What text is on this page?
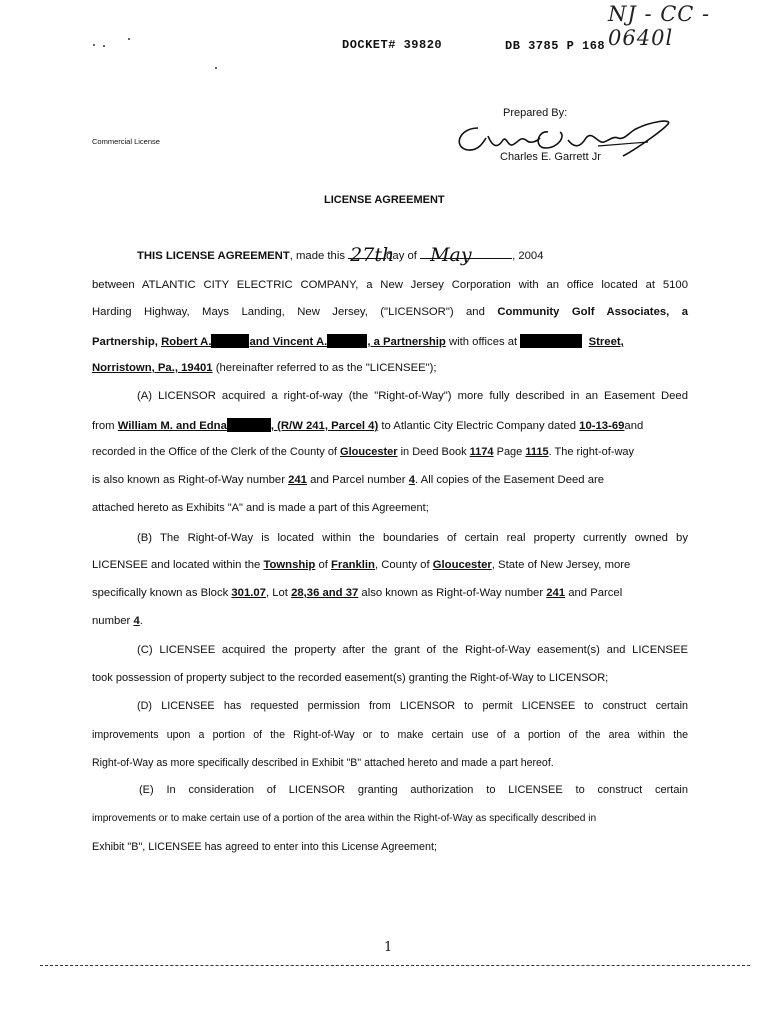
NJ - CC - 0640l
DOCKET# 39820	DB 3785 P 168
Prepared By:
Charles E. Garrett Jr
Commercial License
LICENSE AGREEMENT
THIS LICENSE AGREEMENT, made this 27th
day of May	, 2004
between ATLANTIC CITY ELECTRIC COMPANY, a New Jersey Corporation with an office located at 5100
Harding Highway, Mays Landing, New Jersey, ("LICENSOR") and Community Golf Associates, a
Partnership, Robert A.	and Vincent A.	, a Partnership with offices at	Street,
Norristown, Pa., 19401 (hereinafter referred to as the "LICENSEE");
(A) LICENSOR acquired a right-of-way (the "Right-of-Way") more fully described in an Easement Deed
from William M. and Edna	, (R/W 241, Parcel 4) to Atlantic City Electric Company dated 10-13-69and
recorded in the Office of the Clerk of the County of Gloucester in Deed Book 1174 Page 1115. The right-of-way
is also known as Right-of-Way number 241 and Parcel number 4. All copies of the Easement Deed are
attached hereto as Exhibits "A" and is made a part of this Agreement;
(B) The Right-of-Way is located within the boundaries of certain real property currently owned by
LICENSEE and located within the Township of Franklin, County of Gloucester, State of New Jersey, more
specifically known as Block 301.07, Lot 28,36 and 37 also known as Right-of-Way number 241 and Parcel
number 4.
(C) LICENSEE acquired the property after the grant of the Right-of-Way easement(s) and LICENSEE
took possession of property subject to the recorded easement(s) granting the Right-of-Way to LICENSOR;
(D) LICENSEE has requested permission from LICENSOR to permit LICENSEE to construct certain
improvements upon a portion of the Right-of-Way or to make certain use of a portion of the area within the
Right-of-Way as more specifically described in Exhibit "B" attached hereto and made a part hereof.
(E) In consideration of LICENSOR granting authorization to LICENSEE to construct certain
improvements or to make certain use of a portion of the area within the Right-of-Way as specifically described in
Exhibit "B", LICENSEE has agreed to enter into this License Agreement;
1
